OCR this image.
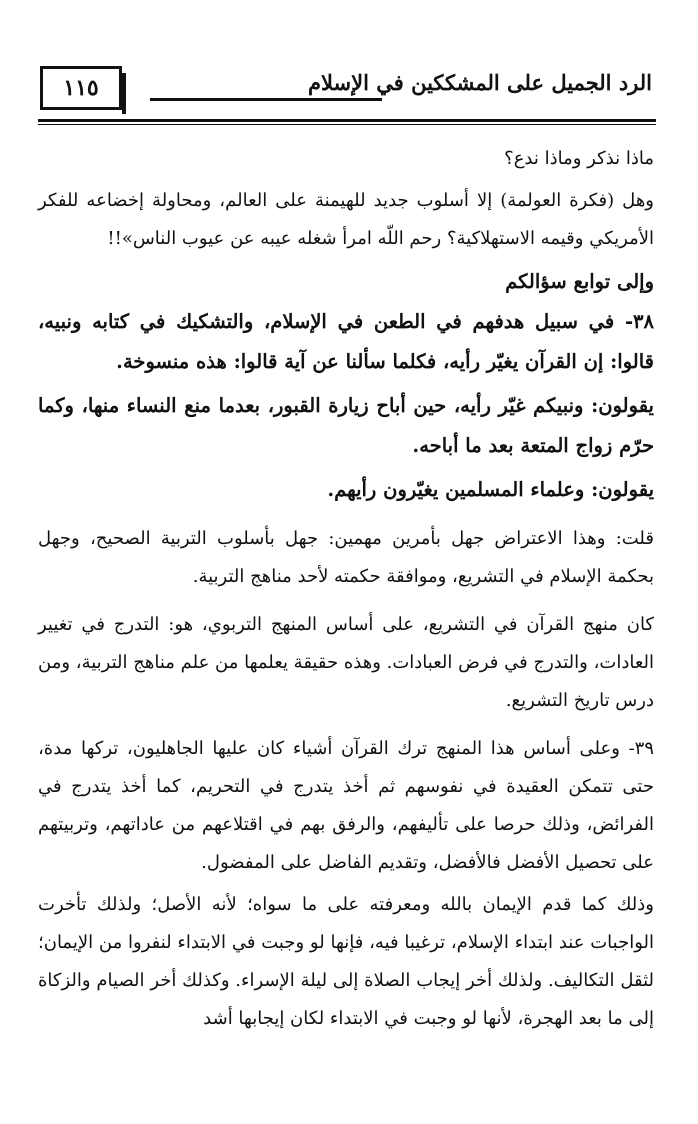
١١٥	الرد الجميل على المشككين في الإسلام

ماذا نذكر وماذا ندع؟

وهل (فكرة العولمة) إلا أسلوب جديد للهيمنة على العالم، ومحاولة إخضاعه للفكر الأمريكي وقيمه الاستهلاكية؟ رحم اللّه امرأ شغله عيبه عن عيوب الناس»!!

وإلى توابع سؤالكم

٣٨- في سبيل هدفهم في الطعن في الإسلام، والتشكيك في كتابه ونبيه، قالوا: إن القرآن يغيّر رأيه، فكلما سألنا عن آية قالوا: هذه منسوخة.

يقولون: ونبيكم غيّر رأيه، حين أباح زيارة القبور، بعدما منع النساء منها، وكما حرّم زواج المتعة بعد ما أباحه.

يقولون: وعلماء المسلمين يغيّرون رأيهم.

قلت: وهذا الاعتراض جهل بأمرين مهمين: جهل بأسلوب التربية الصحيح، وجهل بحكمة الإسلام في التشريع، وموافقة حكمته لأحد مناهج التربية.

كان منهج القرآن في التشريع، على أساس المنهج التربوي، هو: التدرج في تغيير العادات، والتدرج في فرض العبادات. وهذه حقيقة يعلمها من علم مناهج التربية، ومن درس تاريخ التشريع.

٣٩- وعلى أساس هذا المنهج ترك القرآن أشياء كان عليها الجاهليون، تركها مدة، حتى تتمكن العقيدة في نفوسهم ثم أخذ يتدرج في التحريم، كما أخذ يتدرج في الفرائض، وذلك حرصا على تأليفهم، والرفق بهم في اقتلاعهم من عاداتهم، وتربيتهم على تحصيل الأفضل فالأفضل، وتقديم الفاضل على المفضول.

وذلك كما قدم الإيمان بالله ومعرفته على ما سواه؛ لأنه الأصل؛ ولذلك تأخرت الواجبات عند ابتداء الإسلام، ترغيبا فيه، فإنها لو وجبت في الابتداء لنفروا من الإيمان؛ لثقل التكاليف. ولذلك أخر إيجاب الصلاة إلى ليلة الإسراء. وكذلك أخر الصيام والزكاة إلى ما بعد الهجرة، لأنها لو وجبت في الابتداء لكان إيجابها أشد
